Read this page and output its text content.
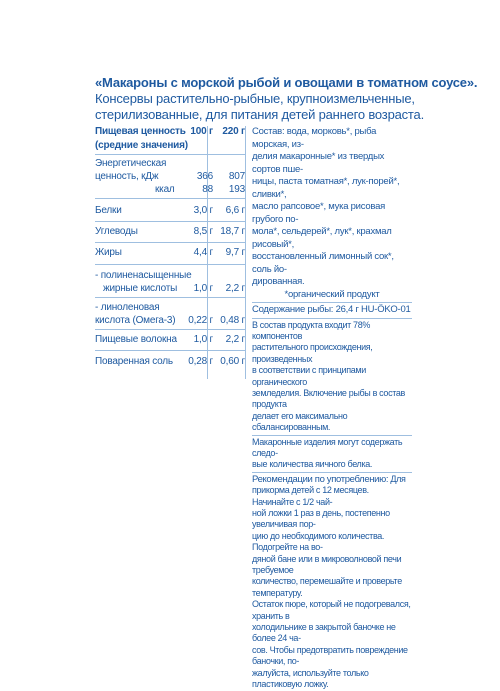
«Макароны с морской рыбой и овощами в томатном соусе».
Консервы растительно-рыбные, крупноизмельченные,
стерилизованные, для питания детей раннего возраста.
Пищевая ценность 100 г 220 г
(средние значения)
Энергетическая
ценность, кДж	366 807
ккал	88 193
Белки	3,0 г 6,6 г
Углеводы	8,5 г 18,7 г
Жиры	4,4 г 9,7 г
- полиненасыщенные
жирные кислоты 1,0 г 2,2 г
- линоленовая
кислота (Омега-3) 0,22 г 0,48 г
Пищевые волокна 1,0 г 2,2 г
Поваренная соль 0,28 г 0,60 г

Состав: вода, морковь*, рыба морская, из-

делия макаронные* из твердых сортов пше-

ницы, паста томатная*, лук-порей*, сливки*,

масло рапсовое*, мука рисовая грубого по-

мола*, сельдерей*, лук*, крахмал рисовый*,

восстановленный лимонный сок*, соль йо-

дированная.

*органический продукт

Содержание рыбы: 26,4 г HU-ÖKO-01

В состав продукта входит 78% компонентов

растительного происхождения, произведенных

в соответствии с принципами органического

земледелия. Включение рыбы в состав продукта

делает его максимально сбалансированным.

Макаронные изделия могут содержать следо-

вые количества яичного белка.

Рекомендации по употреблению: Для

прикорма детей с 12 месяцев. Начинайте с 1/2 чай-

ной ложки 1 раз в день, постепенно увеличивая пор-

цию до необходимого количества. Подогрейте на во-

дяной бане или в микроволновой печи требуемое

количество, перемешайте и проверьте температуру.

Остаток пюре, который не подогревался, хранить в

холодильнике в закрытой баночке не более 24 ча-

сов. Чтобы предотвратить повреждение баночки, по-

жалуйста, используйте только пластиковую ложку.
